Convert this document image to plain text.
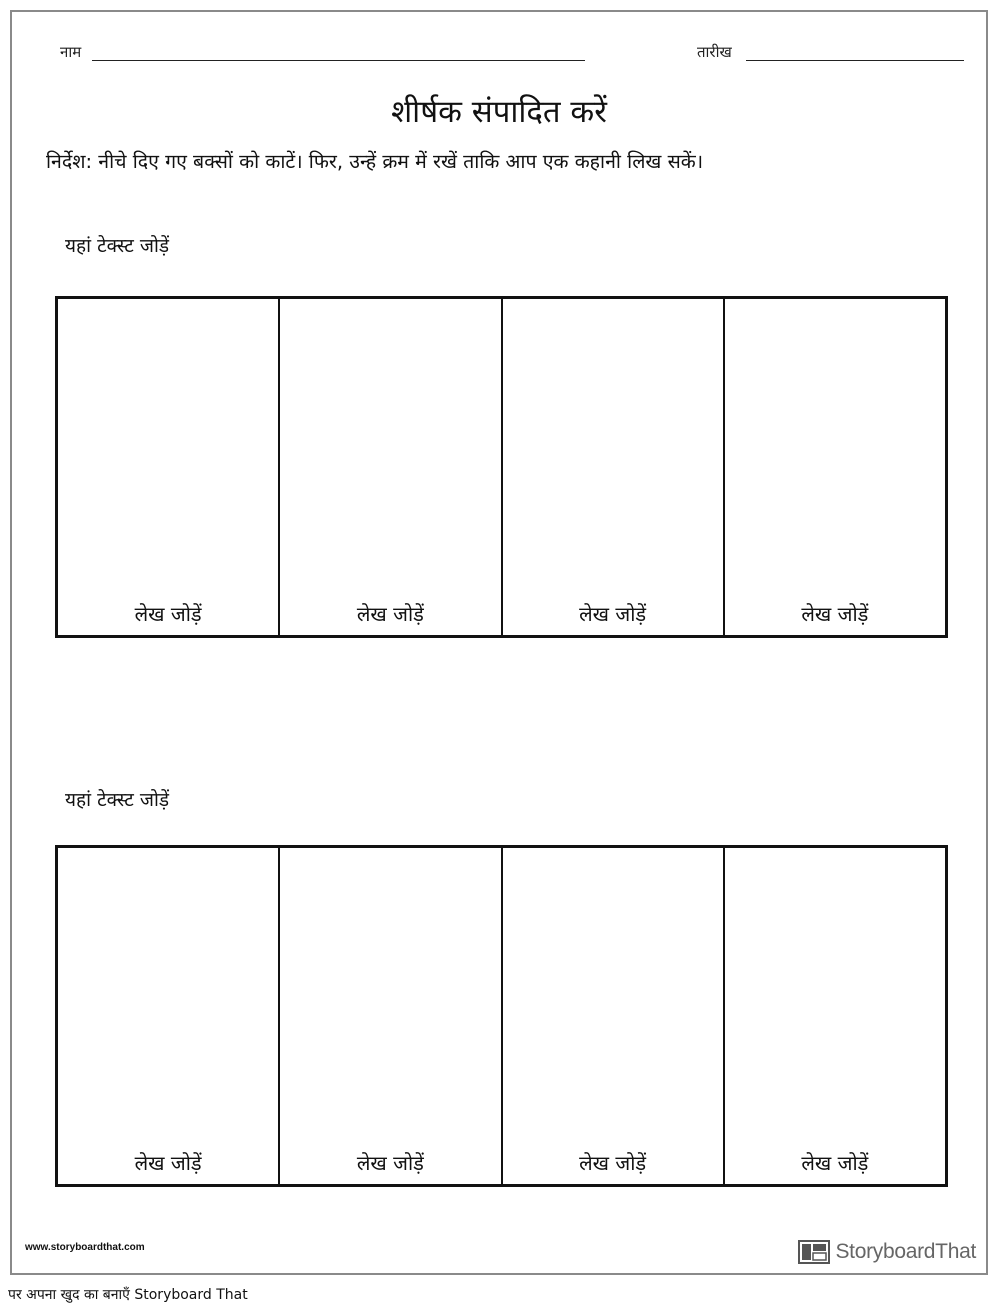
नाम	तारीख
शीर्षक संपादित करें
निर्देश: नीचे दिए गए बक्सों को काटें। फिर, उन्हें क्रम में रखें ताकि आप एक कहानी लिख सकें।
यहां टेक्स्ट जोड़ें
लेख जोड़ें	लेख जोड़ें	लेख जोड़ें	लेख जोड़ें
यहां टेक्स्ट जोड़ें
लेख जोड़ें	लेख जोड़ें	लेख जोड़ें	लेख जोड़ें
www.storyboardthat.com	StoryboardThat
पर अपना खुद का बनाएँ Storyboard That
